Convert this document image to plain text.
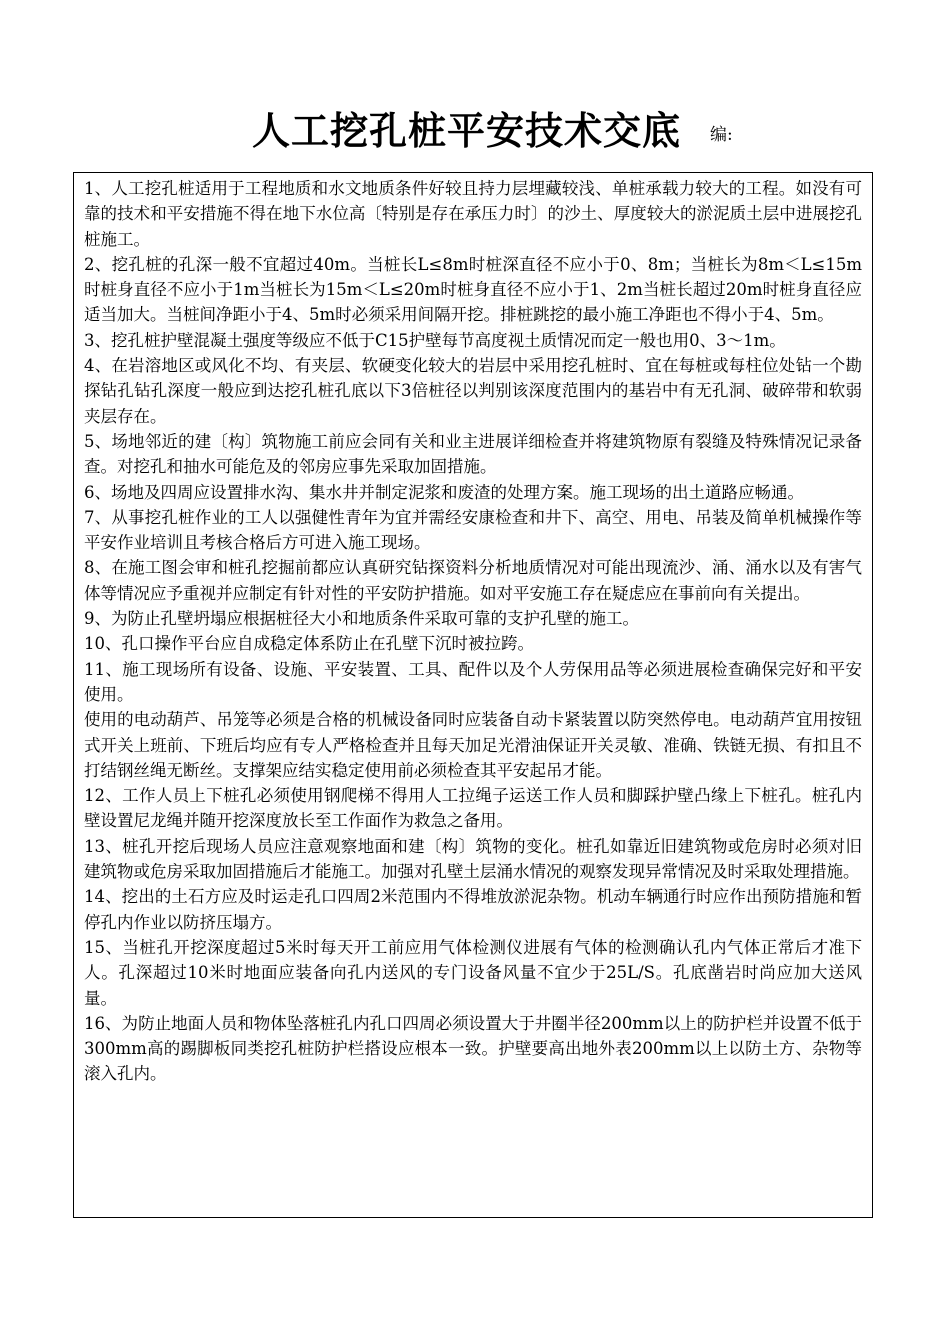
人工挖孔桩平安技术交底 编:

1、人工挖孔桩适用于工程地质和水文地质条件好较且持力层埋藏较浅、单桩承载力较大的工程。如没有可靠的技术和平安措施不得在地下水位高〔特别是存在承压力时〕的沙土、厚度较大的淤泥质土层中进展挖孔桩施工。

2、挖孔桩的孔深一般不宜超过40m。当桩长L≤8m时桩深直径不应小于0、8m；当桩长为8m＜L≤15m时桩身直径不应小于1m当桩长为15m＜L≤20m时桩身直径不应小于1、2m当桩长超过20m时桩身直径应适当加大。当桩间净距小于4、5m时必须采用间隔开挖。排桩跳挖的最小施工净距也不得小于4、5m。

3、挖孔桩护壁混凝土强度等级应不低于C15护壁每节高度视土质情况而定一般也用0、3～1m。

4、在岩溶地区或风化不均、有夹层、软硬变化较大的岩层中采用挖孔桩时、宜在每桩或每柱位处钻一个勘探钻孔钻孔深度一般应到达挖孔桩孔底以下3倍桩径以判别该深度范围内的基岩中有无孔洞、破碎带和软弱夹层存在。

5、场地邻近的建〔构〕筑物施工前应会同有关和业主进展详细检查并将建筑物原有裂缝及特殊情况记录备查。对挖孔和抽水可能危及的邻房应事先采取加固措施。

6、场地及四周应设置排水沟、集水井并制定泥浆和废渣的处理方案。施工现场的出土道路应畅通。

7、从事挖孔桩作业的工人以强健性青年为宜并需经安康检查和井下、高空、用电、吊装及简单机械操作等平安作业培训且考核合格后方可进入施工现场。

8、在施工图会审和桩孔挖掘前都应认真研究钻探资料分析地质情况对可能出现流沙、涌、涌水以及有害气体等情况应予重视并应制定有针对性的平安防护措施。如对平安施工存在疑虑应在事前向有关提出。

9、为防止孔壁坍塌应根据桩径大小和地质条件采取可靠的支护孔壁的施工。

10、孔口操作平台应自成稳定体系防止在孔壁下沉时被拉跨。

11、施工现场所有设备、设施、平安装置、工具、配件以及个人劳保用品等必须进展检查确保完好和平安使用。

使用的电动葫芦、吊笼等必须是合格的机械设备同时应装备自动卡紧装置以防突然停电。电动葫芦宜用按钮式开关上班前、下班后均应有专人严格检查并且每天加足光滑油保证开关灵敏、准确、铁链无损、有扣且不打结钢丝绳无断丝。支撑架应结实稳定使用前必须检查其平安起吊才能。

12、工作人员上下桩孔必须使用钢爬梯不得用人工拉绳子运送工作人员和脚踩护壁凸缘上下桩孔。桩孔内壁设置尼龙绳并随开挖深度放长至工作面作为救急之备用。

13、桩孔开挖后现场人员应注意观察地面和建〔构〕筑物的变化。桩孔如靠近旧建筑物或危房时必须对旧建筑物或危房采取加固措施后才能施工。加强对孔壁土层涌水情况的观察发现异常情况及时采取处理措施。

14、挖出的土石方应及时运走孔口四周2米范围内不得堆放淤泥杂物。机动车辆通行时应作出预防措施和暂停孔内作业以防挤压塌方。

15、当桩孔开挖深度超过5米时每天开工前应用气体检测仪进展有气体的检测确认孔内气体正常后才准下人。孔深超过10米时地面应装备向孔内送风的专门设备风量不宜少于25L/S。孔底凿岩时尚应加大送风量。

16、为防止地面人员和物体坠落桩孔内孔口四周必须设置大于井圈半径200mm以上的防护栏并设置不低于300mm高的踢脚板同类挖孔桩防护栏搭设应根本一致。护壁要高出地外表200mm以上以防土方、杂物等滚入孔内。
